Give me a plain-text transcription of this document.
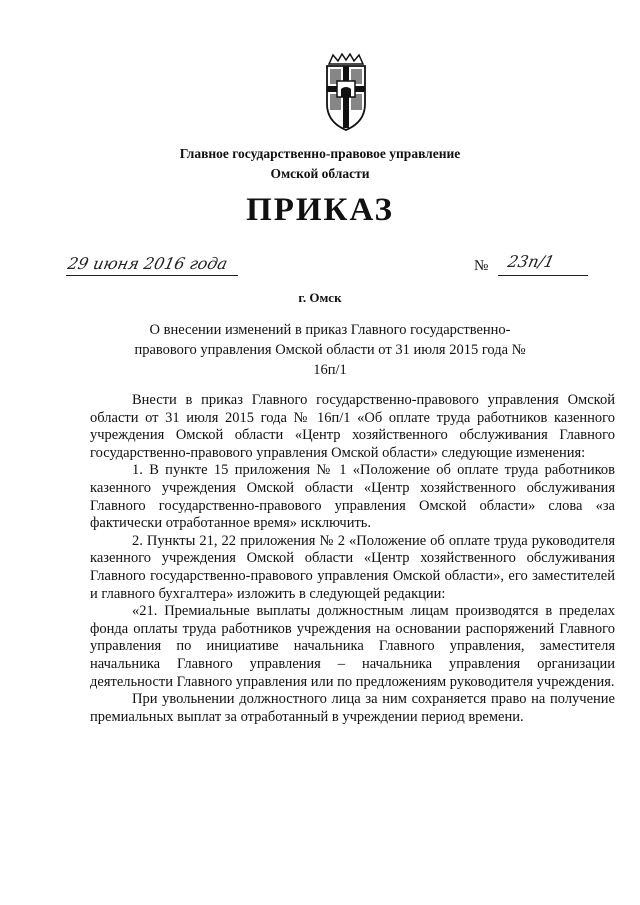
Главное государственно-правовое управление
Омской области
ПРИКАЗ
29 июня 2016 года	№ 23п/1
г. Омск
О внесении изменений в приказ Главного государственно-правового управления Омской области от 31 июля 2015 года № 16п/1

Внести в приказ Главного государственно-правового управления Омской области от 31 июля 2015 года № 16п/1 «Об оплате труда работников казенного учреждения Омской области «Центр хозяйственного обслуживания Главного государственно-правового управления Омской области» следующие изменения:

1. В пункте 15 приложения № 1 «Положение об оплате труда работников казенного учреждения Омской области «Центр хозяйственного обслуживания Главного государственно-правового управления Омской области» слова «за фактически отработанное время» исключить.

2. Пункты 21, 22 приложения № 2 «Положение об оплате труда руководителя казенного учреждения Омской области «Центр хозяйственного обслуживания Главного государственно-правового управления Омской области», его заместителей и главного бухгалтера» изложить в следующей редакции:

«21. Премиальные выплаты должностным лицам производятся в пределах фонда оплаты труда работников учреждения на основании распоряжений Главного управления по инициативе начальника Главного управления, заместителя начальника Главного управления – начальника управления организации деятельности Главного управления или по предложениям руководителя учреждения.

При увольнении должностного лица за ним сохраняется право на получение премиальных выплат за отработанный в учреждении период времени.
